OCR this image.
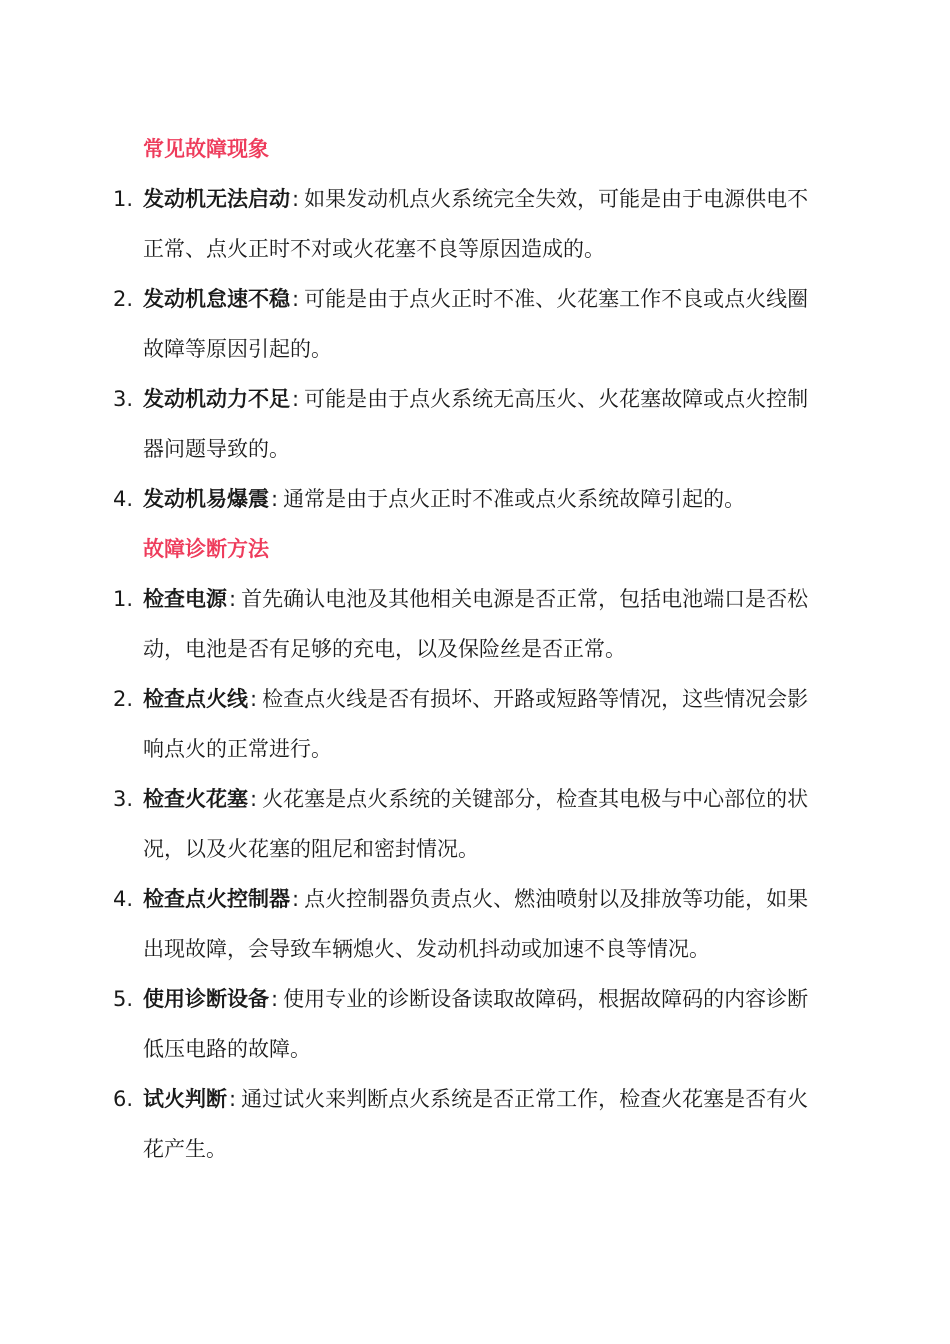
常见故障现象
1. 发动机无法启动: 如果发动机点火系统完全失效，可能是由于电源供电不正常、点火正时不对或火花塞不良等原因造成的。
2. 发动机怠速不稳: 可能是由于点火正时不准、火花塞工作不良或点火线圈故障等原因引起的。
3. 发动机动力不足: 可能是由于点火系统无高压火、火花塞故障或点火控制器问题导致的。
4. 发动机易爆震: 通常是由于点火正时不准或点火系统故障引起的。
故障诊断方法
1. 检查电源: 首先确认电池及其他相关电源是否正常，包括电池端口是否松动，电池是否有足够的充电，以及保险丝是否正常。
2. 检查点火线: 检查点火线是否有损坏、开路或短路等情况，这些情况会影响点火的正常进行。
3. 检查火花塞: 火花塞是点火系统的关键部分，检查其电极与中心部位的状况，以及火花塞的阻尼和密封情况。
4. 检查点火控制器: 点火控制器负责点火、燃油喷射以及排放等功能，如果出现故障，会导致车辆熄火、发动机抖动或加速不良等情况。
5. 使用诊断设备: 使用专业的诊断设备读取故障码，根据故障码的内容诊断低压电路的故障。
6. 试火判断: 通过试火来判断点火系统是否正常工作，检查火花塞是否有火花产生。
